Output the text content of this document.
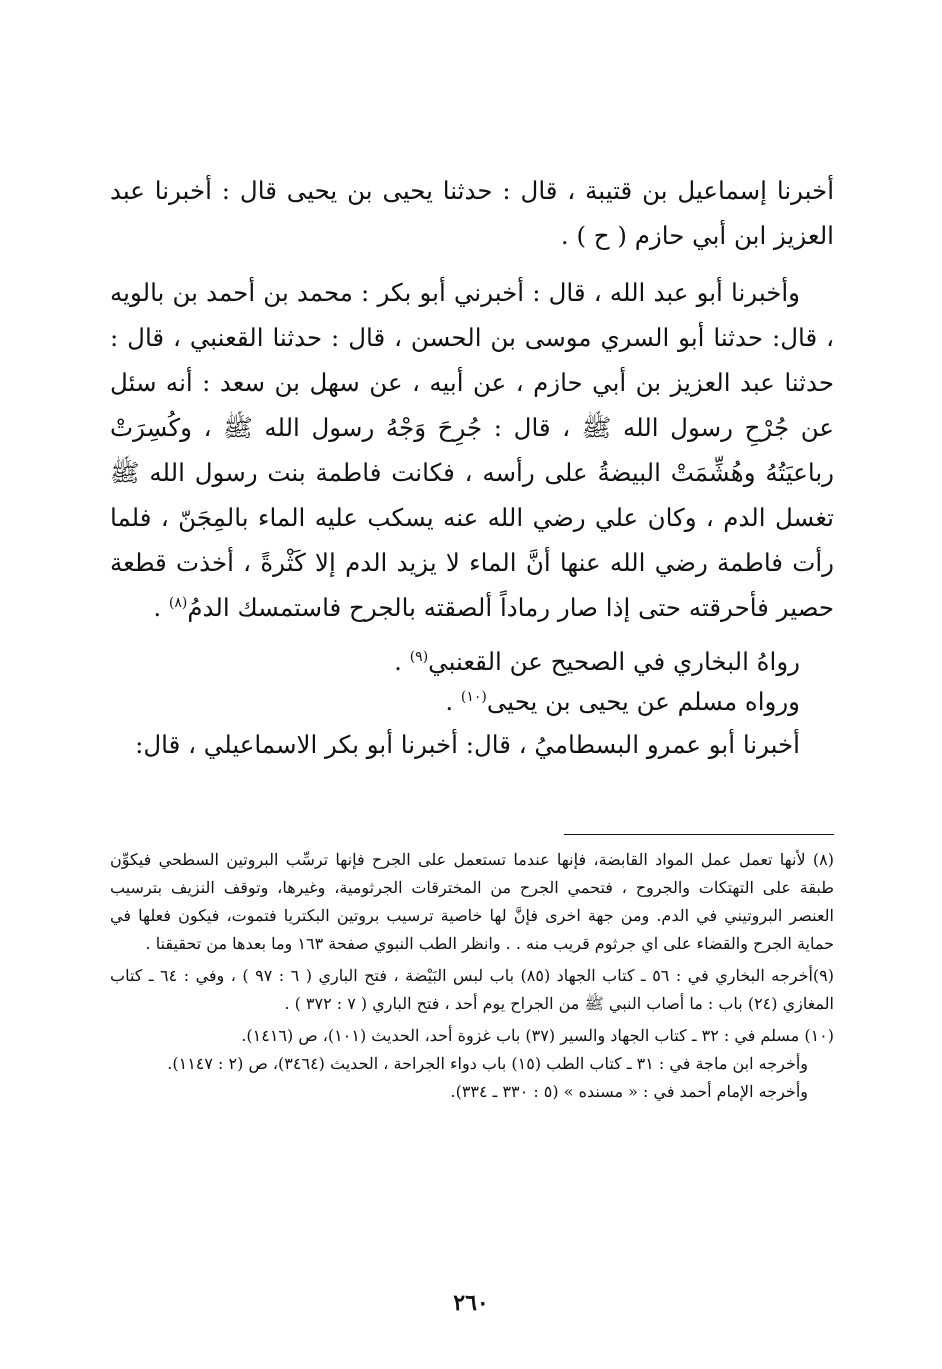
أخبرنا إسماعيل بن قتيبة ، قال : حدثنا يحيى بن يحيى قال : أخبرنا عبد العزيز ابن أبي حازم ( ح ) .

وأخبرنا أبو عبد الله ، قال : أخبرني أبو بكر : محمد بن أحمد بن بالويه ، قال: حدثنا أبو السري موسى بن الحسن ، قال : حدثنا القعنبي ، قال : حدثنا عبد العزيز بن أبي حازم ، عن أبيه ، عن سهل بن سعد : أنه سئل عن جُرْحِ رسول الله ﷺ ، قال : جُرِحَ وَجْهُ رسول الله ﷺ ، وكُسِرَتْ رباعيَتُهُ وهُشِّمَتْ البيضةُ على رأسه ، فكانت فاطمة بنت رسول الله ﷺ تغسل الدم ، وكان علي رضي الله عنه يسكب عليه الماء بالمِجَنّ ، فلما رأت فاطمة رضي الله عنها أنَّ الماء لا يزيد الدم إلا كَثْرةً ، أخذت قطعة حصير فأحرقته حتى إذا صار رماداً ألصقته بالجرح فاستمسك الدمُ$^{(٨)}$ .

رواهُ البخاري في الصحيح عن القعنبي$^{(٩)}$ .

ورواه مسلم عن يحيى بن يحيى$^{(١٠)}$ .

أخبرنا أبو عمرو البسطاميُ ، قال: أخبرنا أبو بكر الاسماعيلي ، قال:

(٨) لأنها تعمل عمل المواد القابضة، فإنها عندما تستعمل على الجرح فإنها ترسِّب البروتين السطحي فيكوِّن طبقة على التهتكات والجروح ، فتحمي الجرح من المخترقات الجرثومية، وغيرها، وتوقف النزيف بترسيب العنصر البروتيني في الدم. ومن جهة اخرى فإنَّ لها خاصية ترسيب بروتين البكتريا فتموت، فيكون فعلها في حماية الجرح والقضاء على اي جرثوم قريب منه . . وانظر الطب النبوي صفحة ١٦٣ وما بعدها من تحقيقنا .

(٩)أخرجه البخاري في : ٥٦ ـ كتاب الجهاد (٨٥) باب لبس البَيْضة ، فتح الباري ( ٦ : ٩٧ ) ، وفي : ٦٤ ـ كتاب المغازي (٢٤) باب : ما أصاب النبي ﷺ من الجراح يوم أحد ، فتح الباري ( ٧ : ٣٧٢ ) .

(١٠) مسلم في : ٣٢ ـ كتاب الجهاد والسير (٣٧) باب غزوة أحد، الحديث (١٠١)، ص (١٤١٦).

وأخرجه ابن ماجة في : ٣١ ـ كتاب الطب (١٥) باب دواء الجراحة ، الحديث (٣٤٦٤)، ص (٢ : ١١٤٧).

وأخرجه الإمام أحمد في : « مسنده » (٥ : ٣٣٠ ـ ٣٣٤).

٢٦٠
